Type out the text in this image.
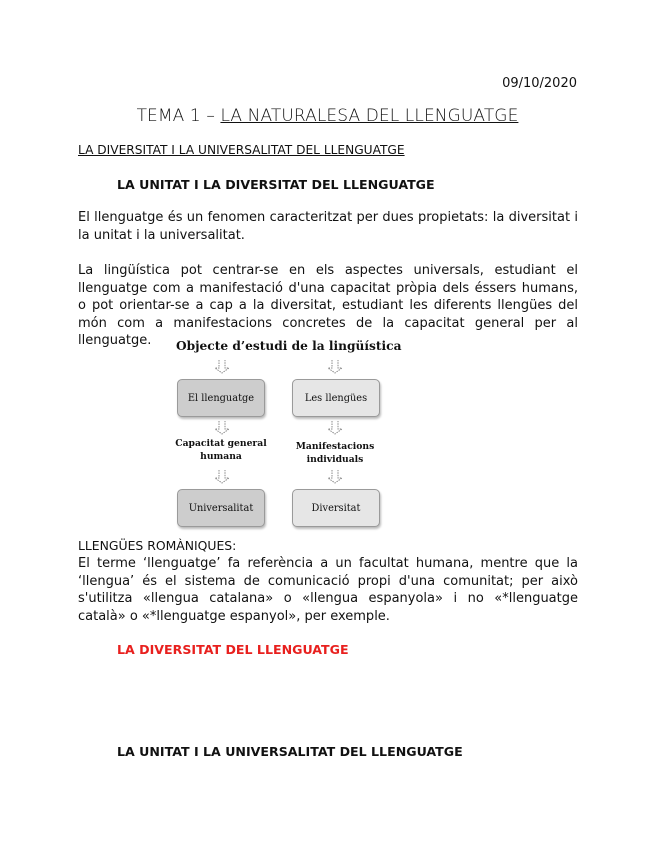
09/10/2020
TEMA 1 – LA NATURALESA DEL LLENGUATGE
LA DIVERSITAT I LA UNIVERSALITAT DEL LLENGUATGE
LA UNITAT I LA DIVERSITAT DEL LLENGUATGE

El llenguatge és un fenomen caracteritzat per dues propietats: la diversitat i la unitat i la universalitat.

La lingüística pot centrar-se en els aspectes universals, estudiant el llenguatge com a manifestació d'una capacitat pròpia dels éssers humans, o pot orientar-se a cap a la diversitat, estudiant les diferents llengües del món com a manifestacions concretes de la capacitat general per al llenguatge.	Objecte d’estudi de la lingüística
El llenguatge	Les llengües
Capacitat general
humana
Manifestacions
individuals
Universalitat	Diversitat
LLENGÜES ROMÀNIQUES:

El terme ‘llenguatge’ fa referència a un facultat humana, mentre que la ‘llengua’ és el sistema de comunicació propi d'una comunitat; per això s'utilitza «llengua catalana» o «llengua espanyola» i no «*llenguatge català» o «*llenguatge espanyol», per exemple.

LA DIVERSITAT DEL LLENGUATGE
LA UNITAT I LA UNIVERSALITAT DEL LLENGUATGE
